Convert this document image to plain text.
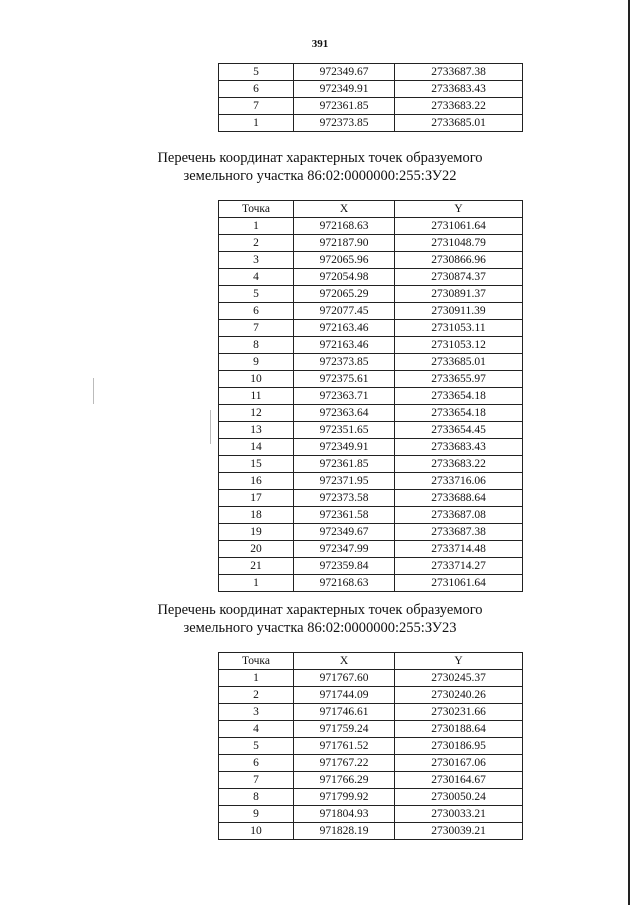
391
5	972349.67	2733687.38
6	972349.91	2733683.43
7	972361.85	2733683.22
1	972373.85	2733685.01
Перечень координат характерных точек образуемого
земельного участка 86:02:0000000:255:ЗУ22
Точка	X	Y
1	972168.63	2731061.64
2	972187.90	2731048.79
3	972065.96	2730866.96
4	972054.98	2730874.37
5	972065.29	2730891.37
6	972077.45	2730911.39
7	972163.46	2731053.11
8	972163.46	2731053.12
9	972373.85	2733685.01
10	972375.61	2733655.97
11	972363.71	2733654.18
12	972363.64	2733654.18
13	972351.65	2733654.45
14	972349.91	2733683.43
15	972361.85	2733683.22
16	972371.95	2733716.06
17	972373.58	2733688.64
18	972361.58	2733687.08
19	972349.67	2733687.38
20	972347.99	2733714.48
21	972359.84	2733714.27
1	972168.63	2731061.64
Перечень координат характерных точек образуемого
земельного участка 86:02:0000000:255:ЗУ23
Точка	X	Y
1	971767.60	2730245.37
2	971744.09	2730240.26
3	971746.61	2730231.66
4	971759.24	2730188.64
5	971761.52	2730186.95
6	971767.22	2730167.06
7	971766.29	2730164.67
8	971799.92	2730050.24
9	971804.93	2730033.21
10	971828.19	2730039.21
